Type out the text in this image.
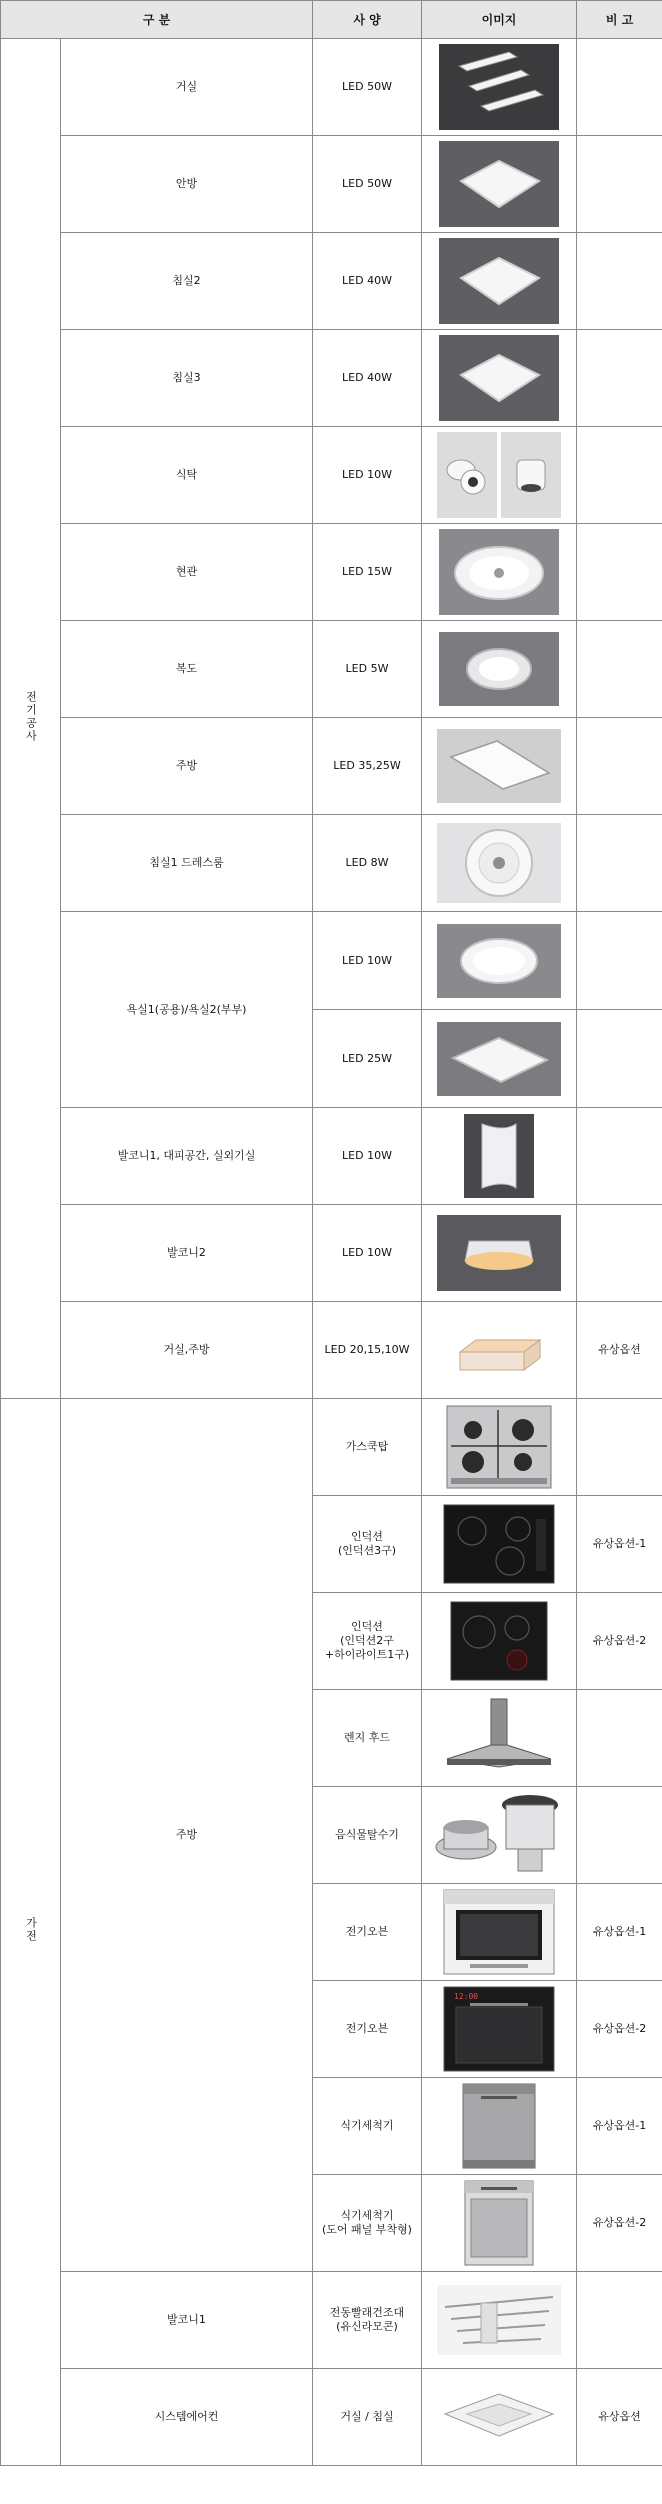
구 분		사 양	이미지	비 고
전기공사	거실	LED 50W	

	안방	LED 50W	

	침실2	LED 40W	

	침실3	LED 40W	

	식탁	LED 10W	

	현관	LED 15W	

	복도	LED 5W	

	주방	LED 35,25W	

	침실1 드레스룸	LED 8W	

	욕실1(공용)/욕실2(부부)	LED 10W	

		LED 25W	

	발코니1, 대피공간, 실외기실	LED 10W	

	발코니2	LED 10W	

	거실,주방	LED 20,15,10W		유상옵션
가전	주방	가스쿡탑	

		인덕션
(인덕션3구)		유상옵션-1
		인덕션
(인덕션2구
+하이라이트1구)		유상옵션-2
		렌지 후드	

		음식물탈수기	

		전기오븐		유상옵션-1
		전기오븐	12:00	유상옵션-2
		식기세척기		유상옵션-1
		식기세척기
(도어 패널 부착형)		유상옵션-2
	발코니1	전동빨래건조대
(유신라모콘)	

	시스템에어컨	거실 / 침실		유상옵션
